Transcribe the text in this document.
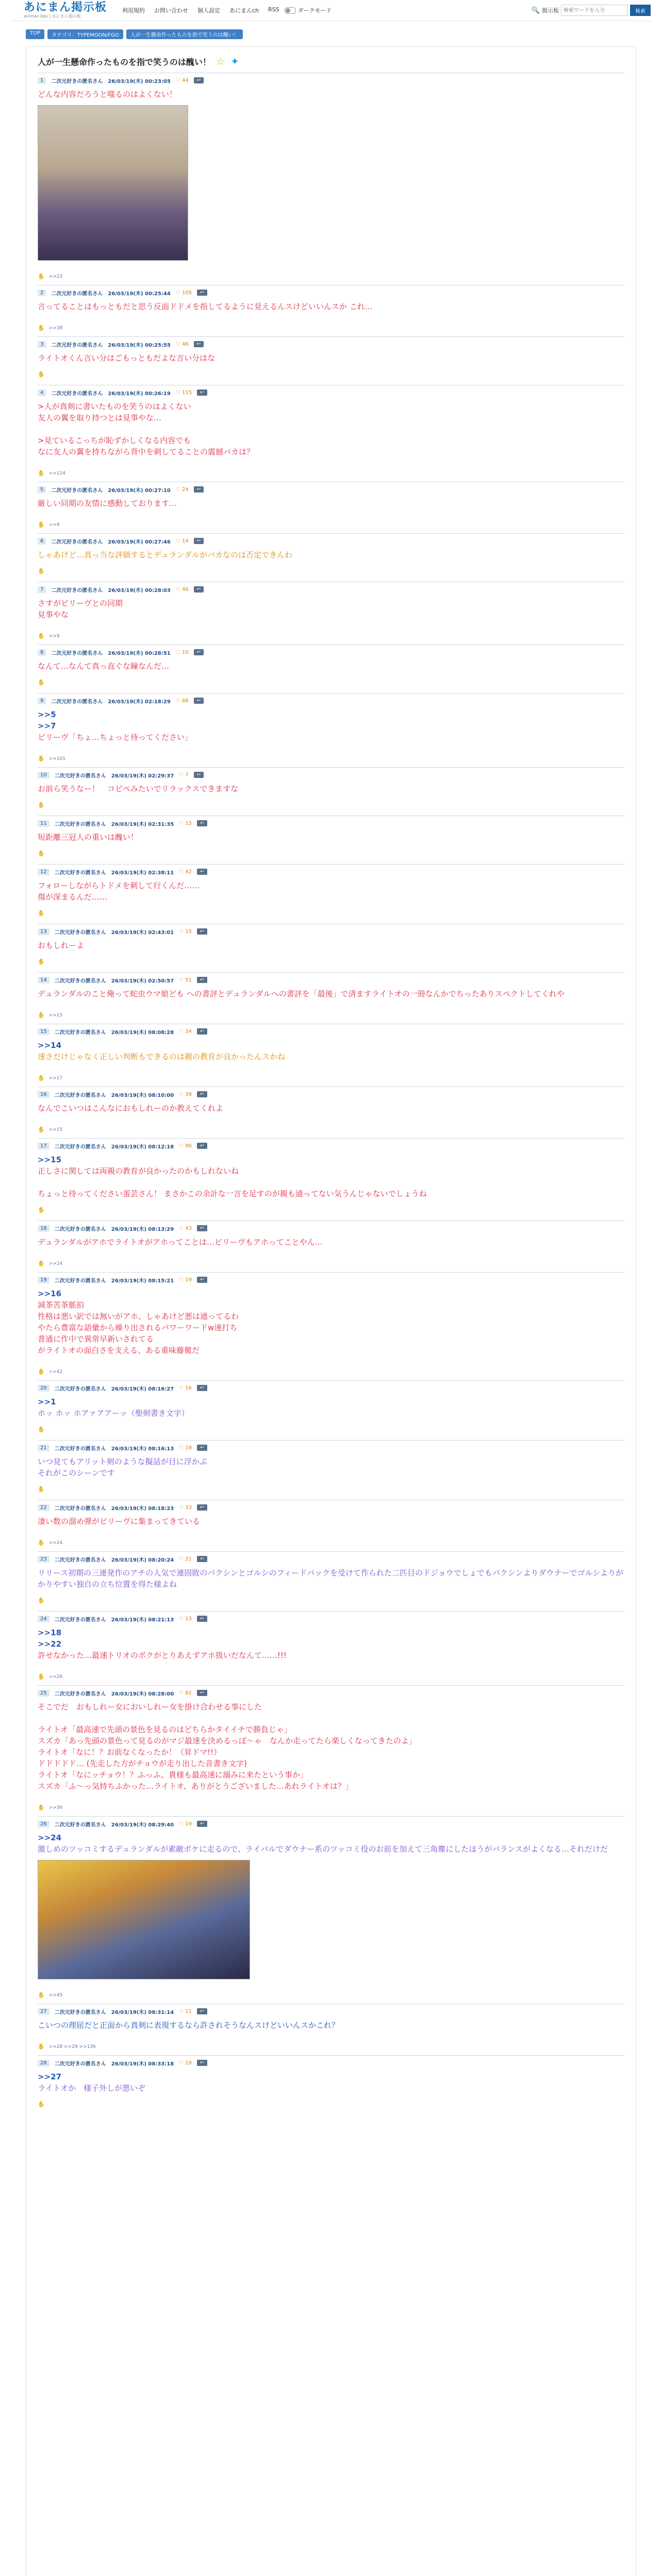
あにまん掲示板
animan bbs | あにまん掲示板
利用規約 お問い合わせ 個人設定 あにまんch RSS	ダークモード	🔍 掲示板
検索ワードを入力	検索
TOP	カテゴリ：TYPEMOON/FGO	人が一生懸命作ったものを指で笑うのは醜い！
人が一生懸命作ったものを指で笑うのは醜い！ ☆ ✦
1	二次元好きの匿名さん 26/03/19(木) 00:23:05 ♡ 44	↩
どんな内容だろうと嗤るのはよくない！
✋ >>23
2	二次元好きの匿名さん 26/03/19(木) 00:25:44 ♡ 105	↩
言ってることはもっともだと思う反面ドドメを指してるように見えるんスけどいいんスか これ…
✋ >>38
3	二次元好きの匿名さん 26/03/19(木) 00:25:55 ♡ 46	↩
ライトオくん言い分はごもっともだよな言い分はな
✋
4	二次元好きの匿名さん 26/03/19(木) 00:26:19 ♡ 115	↩
>人が真剣に書いたものを笑うのはよくない
友人の翼を取り持つとは見事やな…

>見ているこっちが恥ずかしくなる内容でも
なに友人の翼を持ちながら背中を刺してることの震撼バカは？
✋ >>124
5	二次元好きの匿名さん 26/03/19(木) 00:27:10 ♡ 24	↩
厳しい同期の友情に感動しております…
✋ >>9
6	二次元好きの匿名さん 26/03/19(木) 00:27:46 ♡ 14	↩
しゃあけど…真っ当な評価するとデュランダルがバカなのは否定できんわ
✋
7	二次元好きの匿名さん 26/03/19(木) 00:28:03 ♡ 46	↩
さすがビリーヴとの同期
見事やな
✋ >>9
8	二次元好きの匿名さん 26/03/19(木) 00:28:51 ♡ 10	↩
なんて…なんて真っ直ぐな瞳なんだ…
✋
9	二次元好きの匿名さん 26/03/19(木) 02:18:29 ♡ 68	↩
>>5
>>7
ビリーヴ「ちょ…ちょっと待ってください」
✋ >>101
10	二次元好きの匿名さん 26/03/19(木) 02:29:37 ♡ 7	↩
お前ら笑うなー！　コピペみたいでリラックスできますな
✋
11	二次元好きの匿名さん 26/03/19(木) 02:31:35 ♡ 15	↩
短距離三冠人の重いは醜い！
✋
12	二次元好きの匿名さん 26/03/19(木) 02:38:11 ♡ 42	↩
フォローしながらトドメを刺して行くんだ……
傷が深まるんだ……
✋
13	二次元好きの匿名さん 26/03/19(木) 02:43:01 ♡ 15	↩
おもしれーよ
✋
14	二次元好きの匿名さん 26/03/19(木) 02:50:57 ♡ 51	↩
デュランダルのこと俺って蛇虫ウマ娘ども への書評とデュランダルへの書評を「最後」で済ますライトオの一冊なんかでちったありスペクトしてくれや
✋ >>15
15	二次元好きの匿名さん 26/03/19(木) 08:08:28 ♡ 34	↩
>>14
速さだけじゃなく正しい判断もできるのは親の教育が良かったんスかね
✋ >>17
16	二次元好きの匿名さん 26/03/19(木) 08:10:00 ♡ 39	↩
なんでこいつはこんなにおもしれーのか教えてくれよ
✋ >>15
17	二次元好きの匿名さん 26/03/19(木) 08:12:18 ♡ 86	↩
>>15
正しさに関しては両親の教育が良かったのかもしれないね

ちょっと待ってください蛋芸さん！ まさかこの余計な一言を足すのが親も通ってない気うんじゃないでしょうね
✋
18	二次元好きの匿名さん 26/03/19(木) 08:13:29 ♡ 43	↩
デュランダルがアホでライトオがアホってことは…ビリーヴもアホってことやん…
✋ >>24
19	二次元好きの匿名さん 26/03/19(木) 08:15:21 ♡ 19	↩
>>16
減茶苦茶脈拍
性格は悪い訳では無いがアホ、しゃあけど悪は通ってるわ
やたら豊富な語彙から繰り出されるパワーワードw速打ち
普通に作中で異常早新いされてる
がライトオの面白さを支える、ある重味藤徹だ
✋ >>42
20	二次元好きの匿名さん 26/03/19(木) 08:16:27 ♡ 16	↩
>>1
ホッ ホッ ホアァアアーッ（聖剣書き文字）
✋
21	二次元好きの匿名さん 26/03/19(木) 08:16:13 ♡ 18	↩
いつ見てもアリット剣のような擬話が目に浮かぶ
それがこのシーンです
✋
22	二次元好きの匿名さん 26/03/19(木) 08:18:23 ♡ 33	↩
凄い数の溜め弾がビリーヴに集まってきている
✋ >>24
23	二次元好きの匿名さん 26/03/19(木) 08:20:24 ♡ 21	↩
リリース初期の三連発作のアチの人気で連固敗のパクシンとゴルシのフィードバックを受けて作られた二匹目のドジョウでしょでもパクシンよりダウナーでゴルシよりがかりやすい独自の立ち位置を得た様よね
✋
24	二次元好きの匿名さん 26/03/19(木) 08:21:13 ♡ 13	↩
>>18
>>22
許せなかった…最速トリオのボクがとりあえずアホ扱いだなんて……!!!
✋ >>26
25	二次元好きの匿名さん 26/03/19(木) 08:28:00 ♡ 82	↩
そこでだ　おもしれー女においしれー女を掛け合わせる事にした

ライトオ「最高速で先頭の景色を見るのはどちらかタイイチで勝負じゃ」
スズカ「あっ先頭の景色って見るのがマジ最速を決めるっぽ～ゃ　なんか走ってたら楽しくなってきたのよ」
ライトオ「なに！？お前なくなったか！（昇ドマ!!）
ドドドドド… (先走した方がチョウが走り出した音書き文字)
ライトオ「なにッチョウ！？ふっふ。貴様も最高速に溺みに来たという事か」
スズカ「ふ～っ気持ちふかった…ライトオ、ありがとうございました…あれライトオは？」
✋ >>36
26	二次元好きの匿名さん 26/03/19(木) 08:29:40 ♡ 19	↩
>>24
激しめのツッコミするデュランダルが素敵ボケに走るので、ライバルでダウナー系のツッコミ役のお前を加えて三角塵にしたほうがバランスがよくなる…それだけだ
✋ >>45
27	二次元好きの匿名さん 26/03/19(木) 08:31:14 ♡ 11	↩
こいつの理屈だと正面から真剣に表現するなら許されそうなんスけどいいんスかこれ？
✋ >>28 >>29 >>136
28	二次元好きの匿名さん 26/03/19(木) 08:33:18 ♡ 18	↩
>>27
ライトオか　様子外しが悪いぞ
✋
